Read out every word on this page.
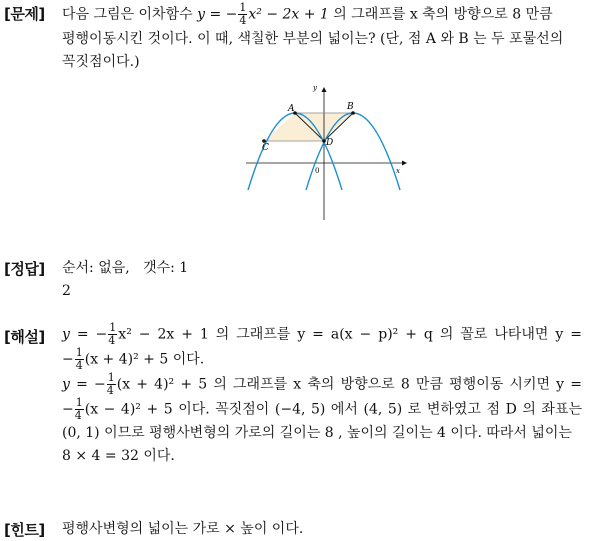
[문제] 다음 그림은 이차함수 y = − $\frac{1}{4} x^2 - 2x + 1$ 의 그래프를 x 축의 방향으로 8 만큼
평행이동시킨 것이다. 이 때, 색칠한 부분의 넓이는? (단, 점 A 와 B 는 두 포물선의
꼭짓점이다.)
A	B
C	D
y
x
0
[정답] 순서: 없음,   갯수: 1
2
[해설] y = − $\frac{1}{4} x^2 - 2x + 1$ 의 그래프를 y = a(x − p)² + q 의 꼴로 나타내면 y =
− $\frac{1}{4} (x + 4)^2 + 5$ 이다.
y = − $\frac{1}{4} (x + 4)^2 + 5$ 의 그래프를 x 축의 방향으로 8 만큼 평행이동 시키면 y =
− $\frac{1}{4} (x - 4)^2 + 5$ 이다. 꼭짓점이 (−4, 5) 에서 (4, 5) 로 변하였고 점 D 의 좌표는
(0, 1) 이므로 평행사변형의 가로의 길이는 8 , 높이의 길이는 4 이다. 따라서 넓이는
8 × 4 = 32 이다.
[힌트] 평행사변형의 넓이는 가로 × 높이 이다.
